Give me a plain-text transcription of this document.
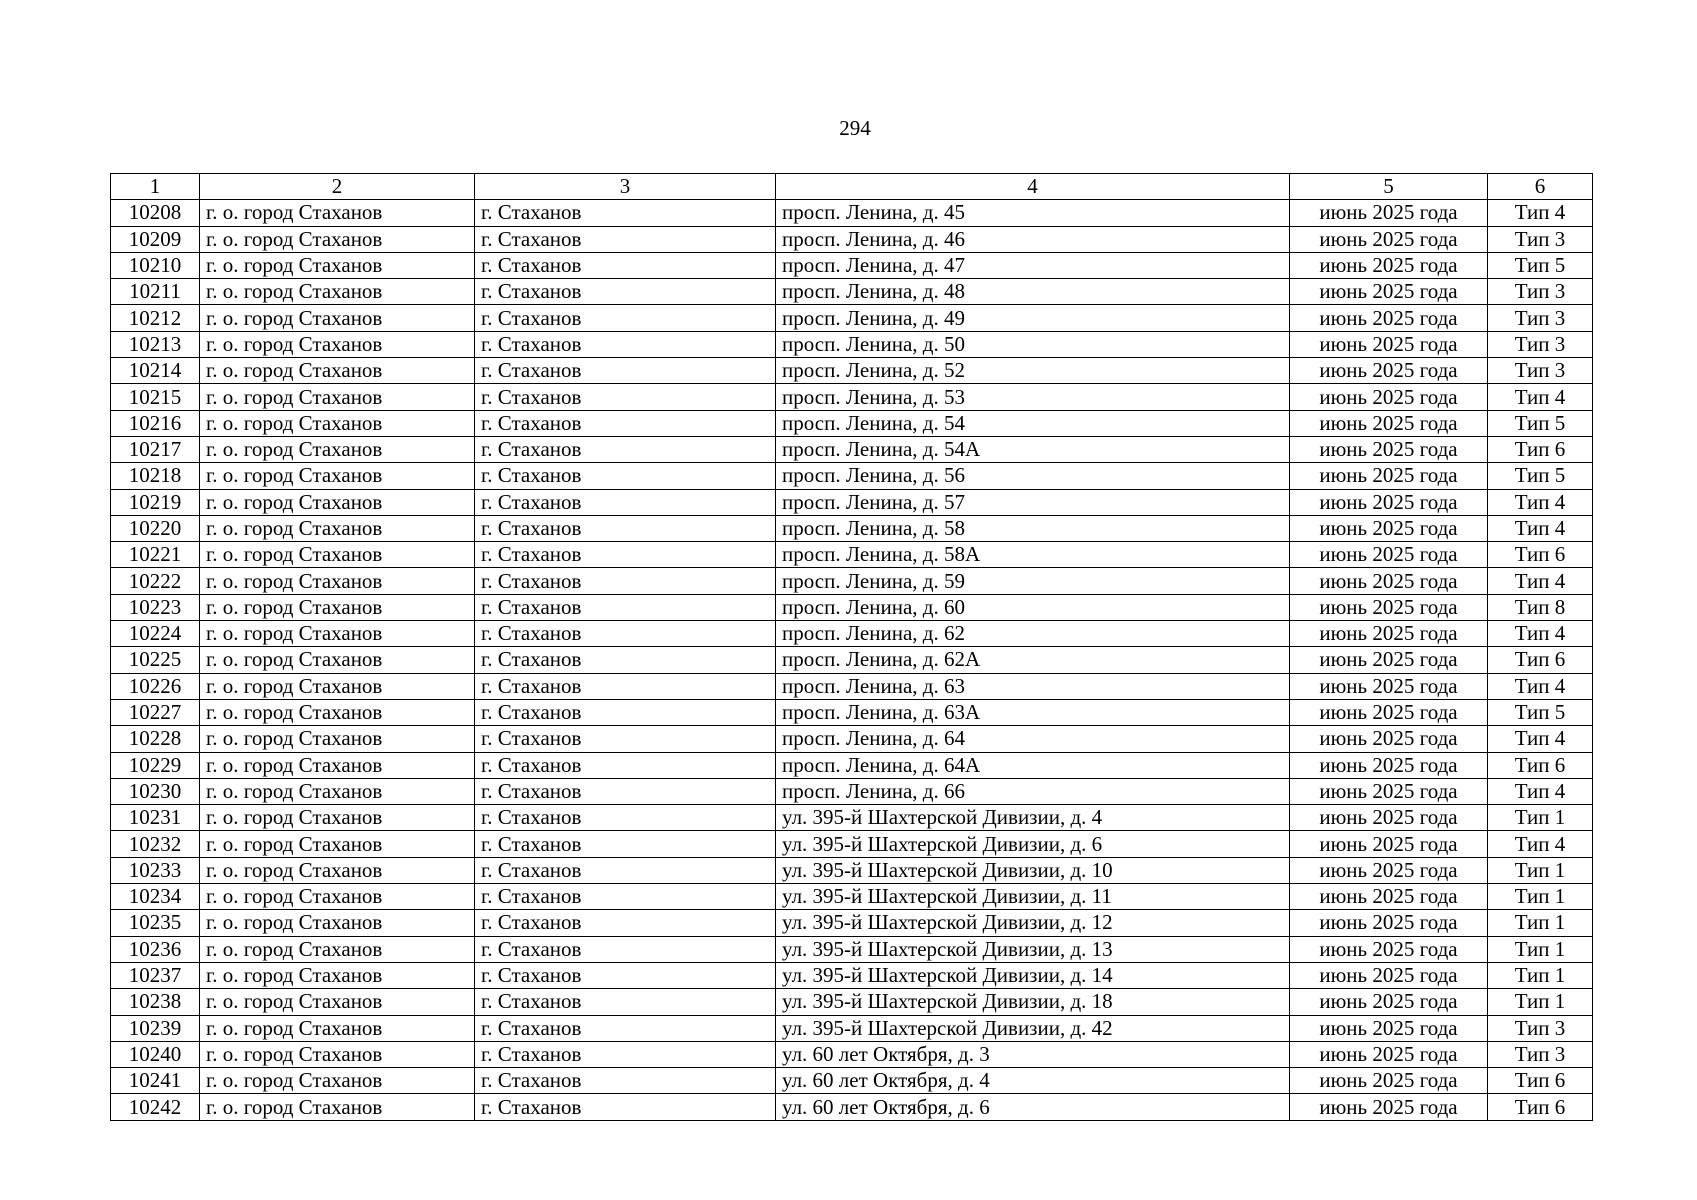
294
1	2	3	4	5	6
10208	г. о. город Стаханов	г. Стаханов	просп. Ленина, д. 45	июнь 2025 года	Тип 4
10209	г. о. город Стаханов	г. Стаханов	просп. Ленина, д. 46	июнь 2025 года	Тип 3
10210	г. о. город Стаханов	г. Стаханов	просп. Ленина, д. 47	июнь 2025 года	Тип 5
10211	г. о. город Стаханов	г. Стаханов	просп. Ленина, д. 48	июнь 2025 года	Тип 3
10212	г. о. город Стаханов	г. Стаханов	просп. Ленина, д. 49	июнь 2025 года	Тип 3
10213	г. о. город Стаханов	г. Стаханов	просп. Ленина, д. 50	июнь 2025 года	Тип 3
10214	г. о. город Стаханов	г. Стаханов	просп. Ленина, д. 52	июнь 2025 года	Тип 3
10215	г. о. город Стаханов	г. Стаханов	просп. Ленина, д. 53	июнь 2025 года	Тип 4
10216	г. о. город Стаханов	г. Стаханов	просп. Ленина, д. 54	июнь 2025 года	Тип 5
10217	г. о. город Стаханов	г. Стаханов	просп. Ленина, д. 54А	июнь 2025 года	Тип 6
10218	г. о. город Стаханов	г. Стаханов	просп. Ленина, д. 56	июнь 2025 года	Тип 5
10219	г. о. город Стаханов	г. Стаханов	просп. Ленина, д. 57	июнь 2025 года	Тип 4
10220	г. о. город Стаханов	г. Стаханов	просп. Ленина, д. 58	июнь 2025 года	Тип 4
10221	г. о. город Стаханов	г. Стаханов	просп. Ленина, д. 58А	июнь 2025 года	Тип 6
10222	г. о. город Стаханов	г. Стаханов	просп. Ленина, д. 59	июнь 2025 года	Тип 4
10223	г. о. город Стаханов	г. Стаханов	просп. Ленина, д. 60	июнь 2025 года	Тип 8
10224	г. о. город Стаханов	г. Стаханов	просп. Ленина, д. 62	июнь 2025 года	Тип 4
10225	г. о. город Стаханов	г. Стаханов	просп. Ленина, д. 62А	июнь 2025 года	Тип 6
10226	г. о. город Стаханов	г. Стаханов	просп. Ленина, д. 63	июнь 2025 года	Тип 4
10227	г. о. город Стаханов	г. Стаханов	просп. Ленина, д. 63А	июнь 2025 года	Тип 5
10228	г. о. город Стаханов	г. Стаханов	просп. Ленина, д. 64	июнь 2025 года	Тип 4
10229	г. о. город Стаханов	г. Стаханов	просп. Ленина, д. 64А	июнь 2025 года	Тип 6
10230	г. о. город Стаханов	г. Стаханов	просп. Ленина, д. 66	июнь 2025 года	Тип 4
10231	г. о. город Стаханов	г. Стаханов	ул. 395-й Шахтерской Дивизии, д. 4	июнь 2025 года	Тип 1
10232	г. о. город Стаханов	г. Стаханов	ул. 395-й Шахтерской Дивизии, д. 6	июнь 2025 года	Тип 4
10233	г. о. город Стаханов	г. Стаханов	ул. 395-й Шахтерской Дивизии, д. 10	июнь 2025 года	Тип 1
10234	г. о. город Стаханов	г. Стаханов	ул. 395-й Шахтерской Дивизии, д. 11	июнь 2025 года	Тип 1
10235	г. о. город Стаханов	г. Стаханов	ул. 395-й Шахтерской Дивизии, д. 12	июнь 2025 года	Тип 1
10236	г. о. город Стаханов	г. Стаханов	ул. 395-й Шахтерской Дивизии, д. 13	июнь 2025 года	Тип 1
10237	г. о. город Стаханов	г. Стаханов	ул. 395-й Шахтерской Дивизии, д. 14	июнь 2025 года	Тип 1
10238	г. о. город Стаханов	г. Стаханов	ул. 395-й Шахтерской Дивизии, д. 18	июнь 2025 года	Тип 1
10239	г. о. город Стаханов	г. Стаханов	ул. 395-й Шахтерской Дивизии, д. 42	июнь 2025 года	Тип 3
10240	г. о. город Стаханов	г. Стаханов	ул. 60 лет Октября, д. 3	июнь 2025 года	Тип 3
10241	г. о. город Стаханов	г. Стаханов	ул. 60 лет Октября, д. 4	июнь 2025 года	Тип 6
10242	г. о. город Стаханов	г. Стаханов	ул. 60 лет Октября, д. 6	июнь 2025 года	Тип 6
